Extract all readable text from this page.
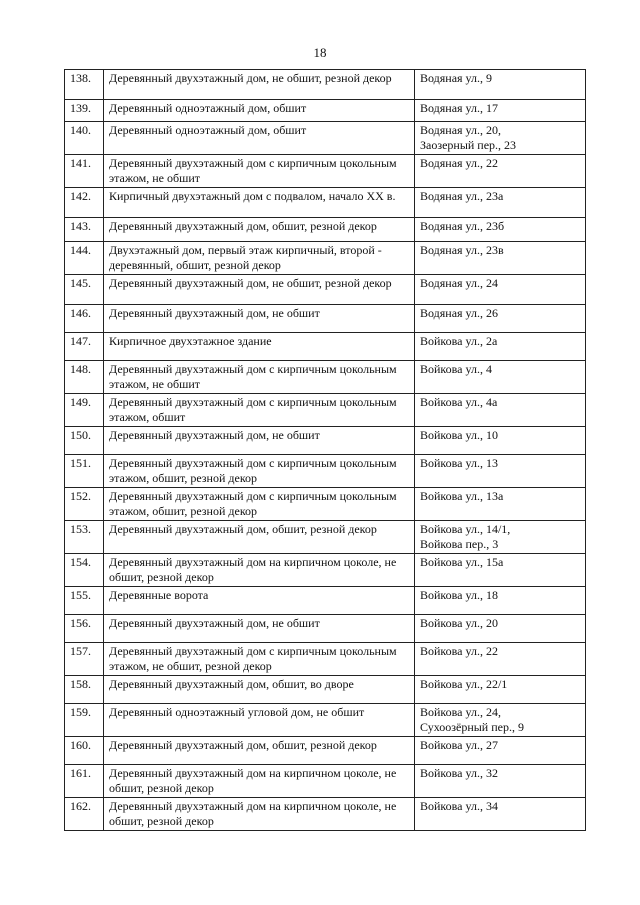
18
138.	Деревянный двухэтажный дом, не обшит, резной декор	Водяная ул., 9
139.	Деревянный одноэтажный дом, обшит	Водяная ул., 17
140.	Деревянный одноэтажный дом, обшит	Водяная ул., 20,
Заозерный пер., 23

141.	Деревянный двухэтажный дом с кирпичным цокольным этажом, не обшит	Водяная ул., 22
142.	Кирпичный двухэтажный дом с подвалом, начало XX в.	Водяная ул., 23а
143.	Деревянный двухэтажный дом, обшит, резной декор	Водяная ул., 23б
144.	Двухэтажный дом, первый этаж кирпичный, второй - деревянный, обшит, резной декор	Водяная ул., 23в
145.	Деревянный двухэтажный дом, не обшит, резной декор	Водяная ул., 24
146.	Деревянный двухэтажный дом, не обшит	Водяная ул., 26
147.	Кирпичное двухэтажное здание	Войкова ул., 2а
148.	Деревянный двухэтажный дом с кирпичным цокольным этажом, не обшит	Войкова ул., 4
149.	Деревянный двухэтажный дом с кирпичным цокольным этажом, обшит	Войкова ул., 4а
150.	Деревянный двухэтажный дом, не обшит	Войкова ул., 10
151.	Деревянный двухэтажный дом с кирпичным цокольным этажом, обшит, резной декор	Войкова ул., 13
152.	Деревянный двухэтажный дом с кирпичным цокольным этажом, обшит, резной декор	Войкова ул., 13а
153.	Деревянный двухэтажный дом, обшит, резной декор	Войкова ул., 14/1,
Войкова пер., 3

154.	Деревянный двухэтажный дом на кирпичном цоколе, не обшит, резной декор	Войкова ул., 15а
155.	Деревянные ворота	Войкова ул., 18
156.	Деревянный двухэтажный дом, не обшит	Войкова ул., 20
157.	Деревянный двухэтажный дом с кирпичным цокольным этажом, не обшит, резной декор	Войкова ул., 22
158.	Деревянный двухэтажный дом, обшит, во дворе	Войкова ул., 22/1
159.	Деревянный одноэтажный угловой дом, не обшит	Войкова ул., 24,
Сухоозёрный пер., 9

160.	Деревянный двухэтажный дом, обшит, резной декор	Войкова ул., 27
161.	Деревянный двухэтажный дом на кирпичном цоколе, не обшит, резной декор	Войкова ул., 32
162.	Деревянный двухэтажный дом на кирпичном цоколе, не обшит, резной декор	Войкова ул., 34
